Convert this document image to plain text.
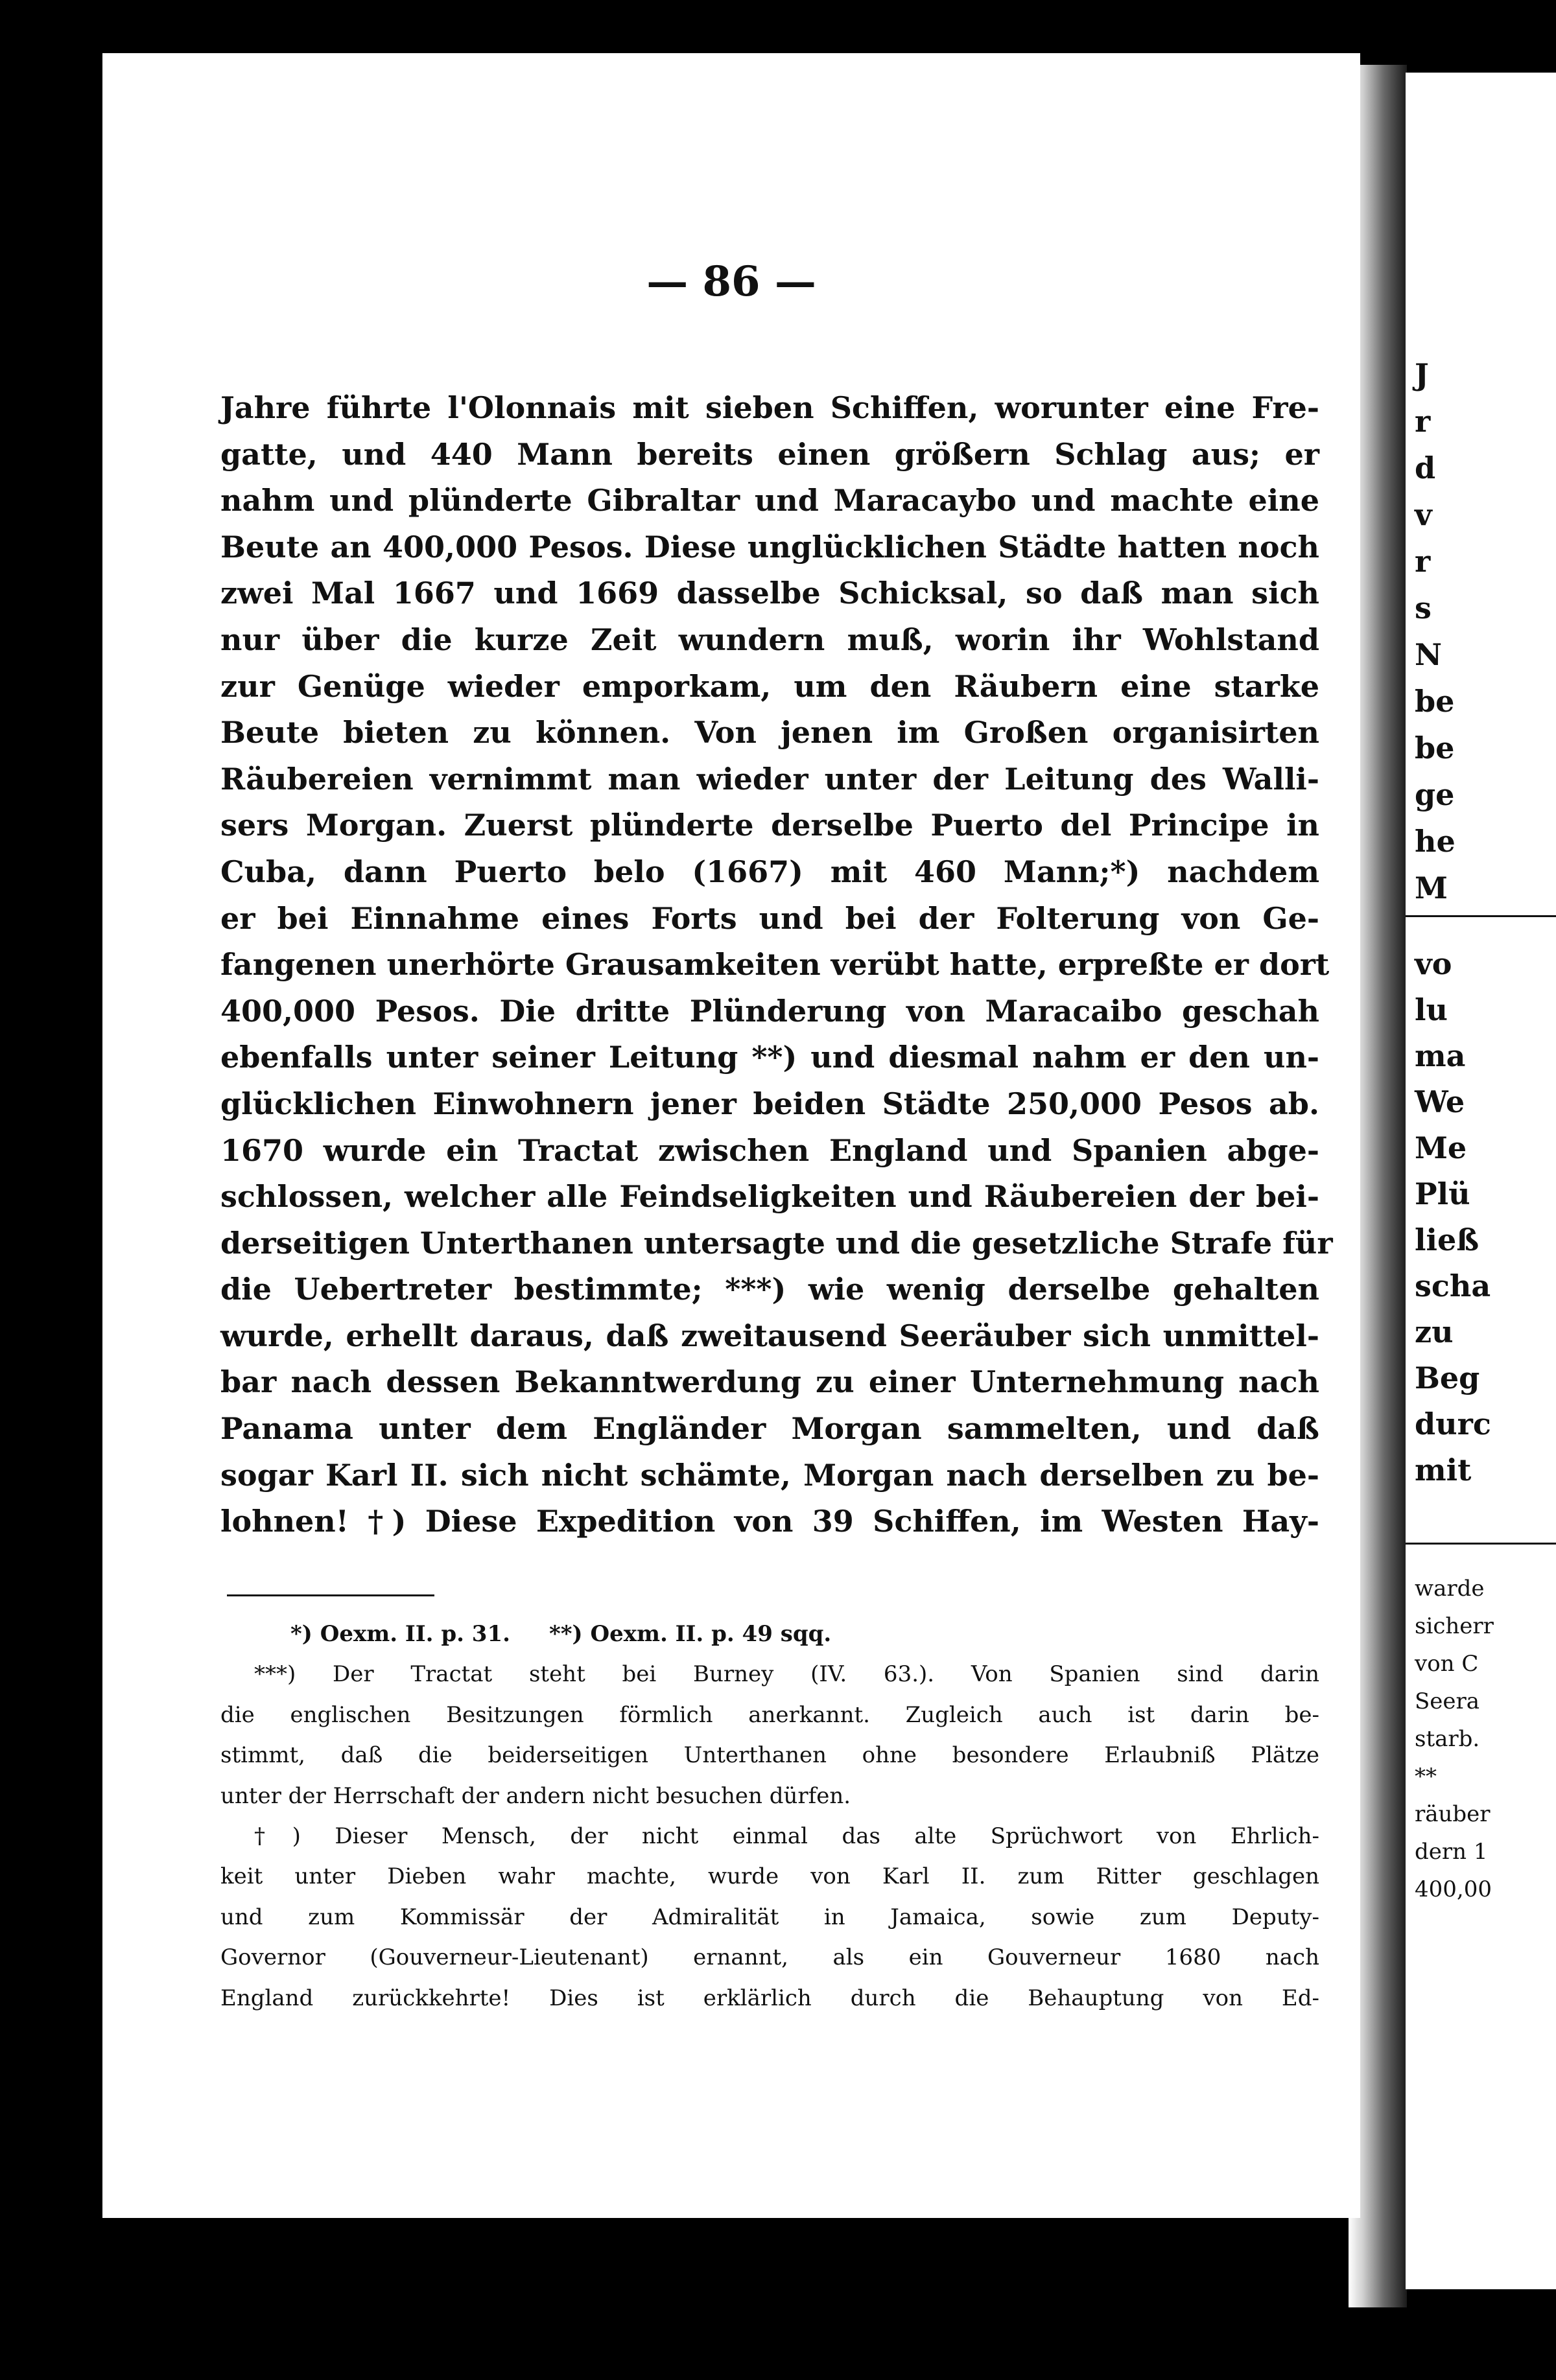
— 86 —
Jahre führte l'Olonnais mit sieben Schiffen, worunter eine Fre-
gatte, und 440 Mann bereits einen größern Schlag aus; er
nahm und plünderte Gibraltar und Maracaybo und machte eine
Beute an 400,000 Pesos. Diese unglücklichen Städte hatten noch
zwei Mal 1667 und 1669 dasselbe Schicksal, so daß man sich
nur über die kurze Zeit wundern muß, worin ihr Wohlstand
zur Genüge wieder emporkam, um den Räubern eine starke
Beute bieten zu können. Von jenen im Großen organisirten
Räubereien vernimmt man wieder unter der Leitung des Walli-
sers Morgan. Zuerst plünderte derselbe Puerto del Principe in
Cuba, dann Puerto belo (1667) mit 460 Mann;*) nachdem
er bei Einnahme eines Forts und bei der Folterung von Ge-
fangenen unerhörte Grausamkeiten verübt hatte, erpreßte er dort
400,000 Pesos. Die dritte Plünderung von Maracaibo geschah
ebenfalls unter seiner Leitung **) und diesmal nahm er den un-
glücklichen Einwohnern jener beiden Städte 250,000 Pesos ab.
1670 wurde ein Tractat zwischen England und Spanien abge-
schlossen, welcher alle Feindseligkeiten und Räubereien der bei-
derseitigen Unterthanen untersagte und die gesetzliche Strafe für
die Uebertreter bestimmte; ***) wie wenig derselbe gehalten
wurde, erhellt daraus, daß zweitausend Seeräuber sich unmittel-
bar nach dessen Bekanntwerdung zu einer Unternehmung nach
Panama unter dem Engländer Morgan sammelten, und daß
sogar Karl II. sich nicht schämte, Morgan nach derselben zu be-
lohnen! †) Diese Expedition von 39 Schiffen, im Westen Hay-
*) Oexm. II. p. 31. **) Oexm. II. p. 49 sqq.
***) Der Tractat steht bei Burney (IV. 63.). Von Spanien sind darin
die englischen Besitzungen förmlich anerkannt. Zugleich auch ist darin be-
stimmt, daß die beiderseitigen Unterthanen ohne besondere Erlaubniß Plätze
unter der Herrschaft der andern nicht besuchen dürfen.
†) Dieser Mensch, der nicht einmal das alte Sprüchwort von Ehrlich-
keit unter Dieben wahr machte, wurde von Karl II. zum Ritter geschlagen
und zum Kommissär der Admiralität in Jamaica, sowie zum Deputy-
Governor (Gouverneur-Lieutenant) ernannt, als ein Gouverneur 1680 nach
England zurückkehrte! Dies ist erklärlich durch die Behauptung von Ed-
J
r
d
v
r
s
N
be
be
ge
he
M
vo
lu
ma
We
Me
Plü
ließ
scha
zu
Beg
durc
mit
warde
sicherr
von C
Seera
starb.
**
räuber
dern 1
400,00
